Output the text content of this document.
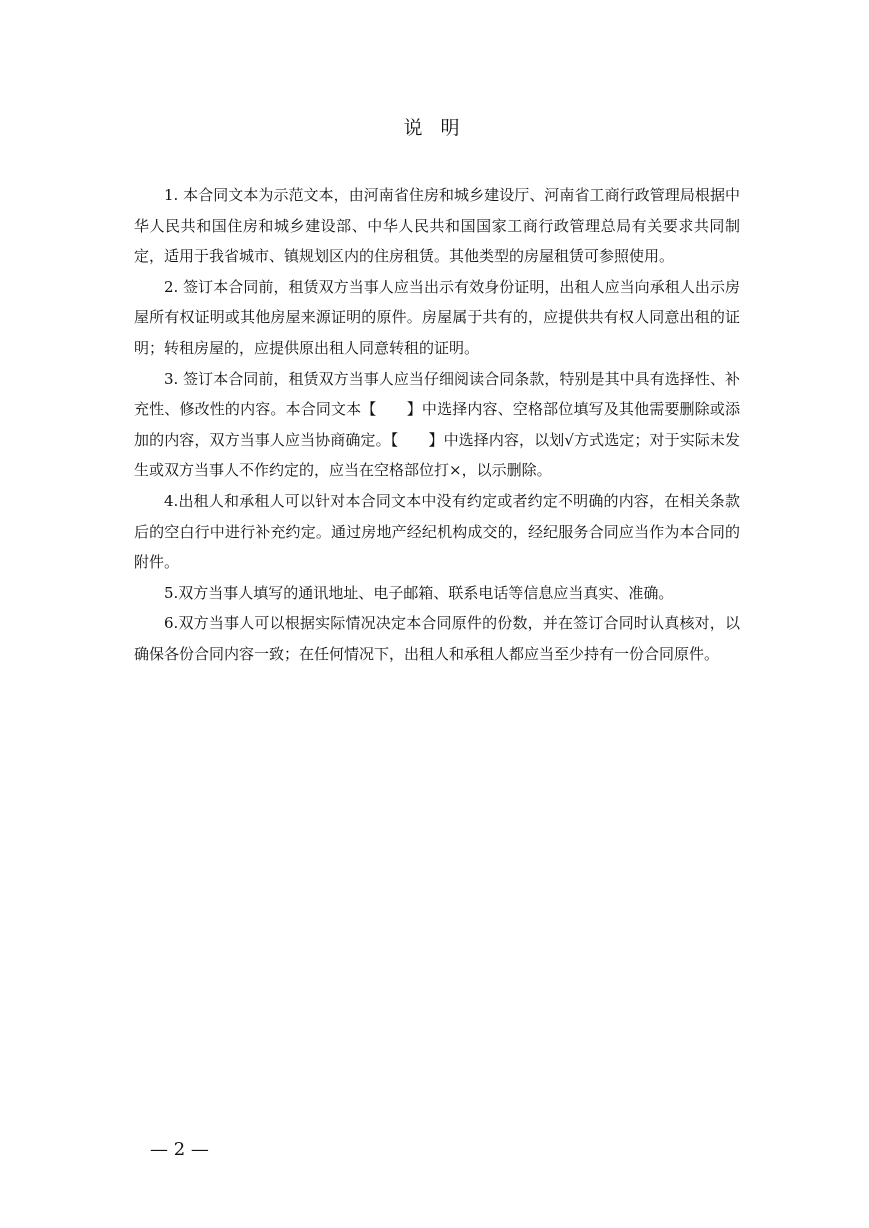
说 明

1. 本合同文本为示范文本，由河南省住房和城乡建设厅、河南省工商行政管理局根据中华人民共和国住房和城乡建设部、中华人民共和国国家工商行政管理总局有关要求共同制定，适用于我省城市、镇规划区内的住房租赁。其他类型的房屋租赁可参照使用。

2. 签订本合同前，租赁双方当事人应当出示有效身份证明，出租人应当向承租人出示房屋所有权证明或其他房屋来源证明的原件。房屋属于共有的，应提供共有权人同意出租的证明；转租房屋的，应提供原出租人同意转租的证明。

3. 签订本合同前，租赁双方当事人应当仔细阅读合同条款，特别是其中具有选择性、补充性、修改性的内容。本合同文本【　　】中选择内容、空格部位填写及其他需要删除或添加的内容，双方当事人应当协商确定。【　　】中选择内容，以划√方式选定；对于实际未发生或双方当事人不作约定的，应当在空格部位打×，以示删除。

4.出租人和承租人可以针对本合同文本中没有约定或者约定不明确的内容，在相关条款后的空白行中进行补充约定。通过房地产经纪机构成交的，经纪服务合同应当作为本合同的附件。

5.双方当事人填写的通讯地址、电子邮箱、联系电话等信息应当真实、准确。

6.双方当事人可以根据实际情况决定本合同原件的份数，并在签订合同时认真核对，以确保各份合同内容一致；在任何情况下，出租人和承租人都应当至少持有一份合同原件。

— 2 —
